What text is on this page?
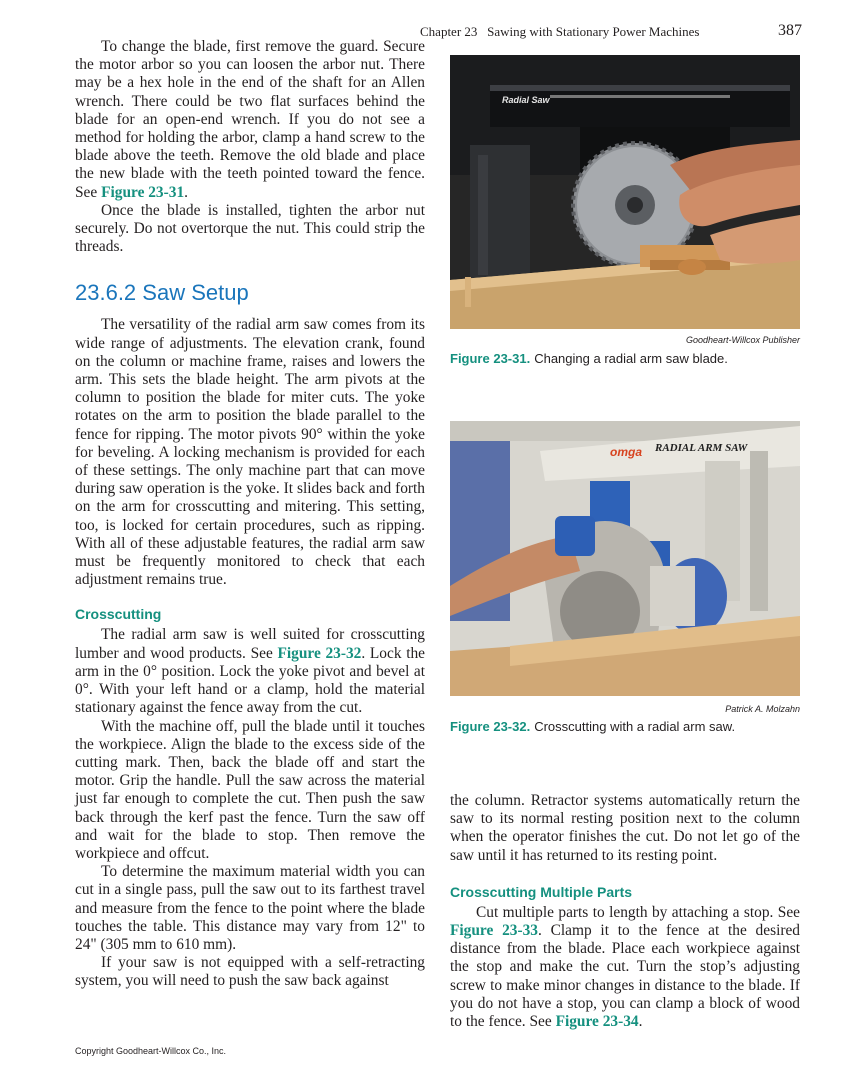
Chapter 23   Sawing with Stationary Power Machines	387

To change the blade, first remove the guard. Secure the motor arbor so you can loosen the arbor nut. There may be a hex hole in the end of the shaft for an Allen wrench. There could be two flat surfaces behind the blade for an open-end wrench. If you do not see a method for holding the arbor, clamp a hand screw to the blade above the teeth. Remove the old blade and place the new blade with the teeth pointed toward the fence. See Figure 23-31.

Once the blade is installed, tighten the arbor nut securely. Do not overtorque the nut. This could strip the threads.

23.6.2 Saw Setup

The versatility of the radial arm saw comes from its wide range of adjustments. The elevation crank, found on the column or machine frame, raises and lowers the arm. This sets the blade height. The arm pivots at the column to position the blade for miter cuts. The yoke rotates on the arm to position the blade parallel to the fence for ripping. The motor pivots 90° within the yoke for beveling. A locking mechanism is provided for each of these settings. The only machine part that can move during saw operation is the yoke. It slides back and forth on the arm for crosscutting and mitering. This setting, too, is locked for certain procedures, such as ripping. With all of these adjustable features, the radial arm saw must be frequently monitored to check that each adjustment remains true.

Crosscutting

The radial arm saw is well suited for crosscutting lumber and wood products. See Figure 23-32. Lock the arm in the 0° position. Lock the yoke pivot and bevel at 0°. With your left hand or a clamp, hold the material stationary against the fence away from the cut.

With the machine off, pull the blade until it touches the workpiece. Align the blade to the excess side of the cutting mark. Then, back the blade off and start the motor. Grip the handle. Pull the saw across the material just far enough to complete the cut. Then push the saw back through the kerf past the fence. Turn the saw off and wait for the blade to stop. Then remove the workpiece and offcut.

To determine the maximum material width you can cut in a single pass, pull the saw out to its farthest travel and measure from the fence to the point where the blade touches the table. This distance may vary from 12" to 24" (305 mm to 610 mm).

If your saw is not equipped with a self-retracting system, you will need to push the saw back against

Radial Saw
Goodheart-Willcox Publisher
Figure 23-31. Changing a radial arm saw blade.
omga RADIAL ARM SAW
Patrick A. Molzahn
Figure 23-32. Crosscutting with a radial arm saw.

the column. Retractor systems automatically return the saw to its normal resting position next to the column when the operator finishes the cut. Do not let go of the saw until it has returned to its resting point.

Crosscutting Multiple Parts

Cut multiple parts to length by attaching a stop. See Figure 23-33. Clamp it to the fence at the desired distance from the blade. Place each workpiece against the stop and make the cut. Turn the stop’s adjusting screw to make minor changes in distance to the blade. If you do not have a stop, you can clamp a block of wood to the fence. See Figure 23-34.

Copyright Goodheart-Willcox Co., Inc.
